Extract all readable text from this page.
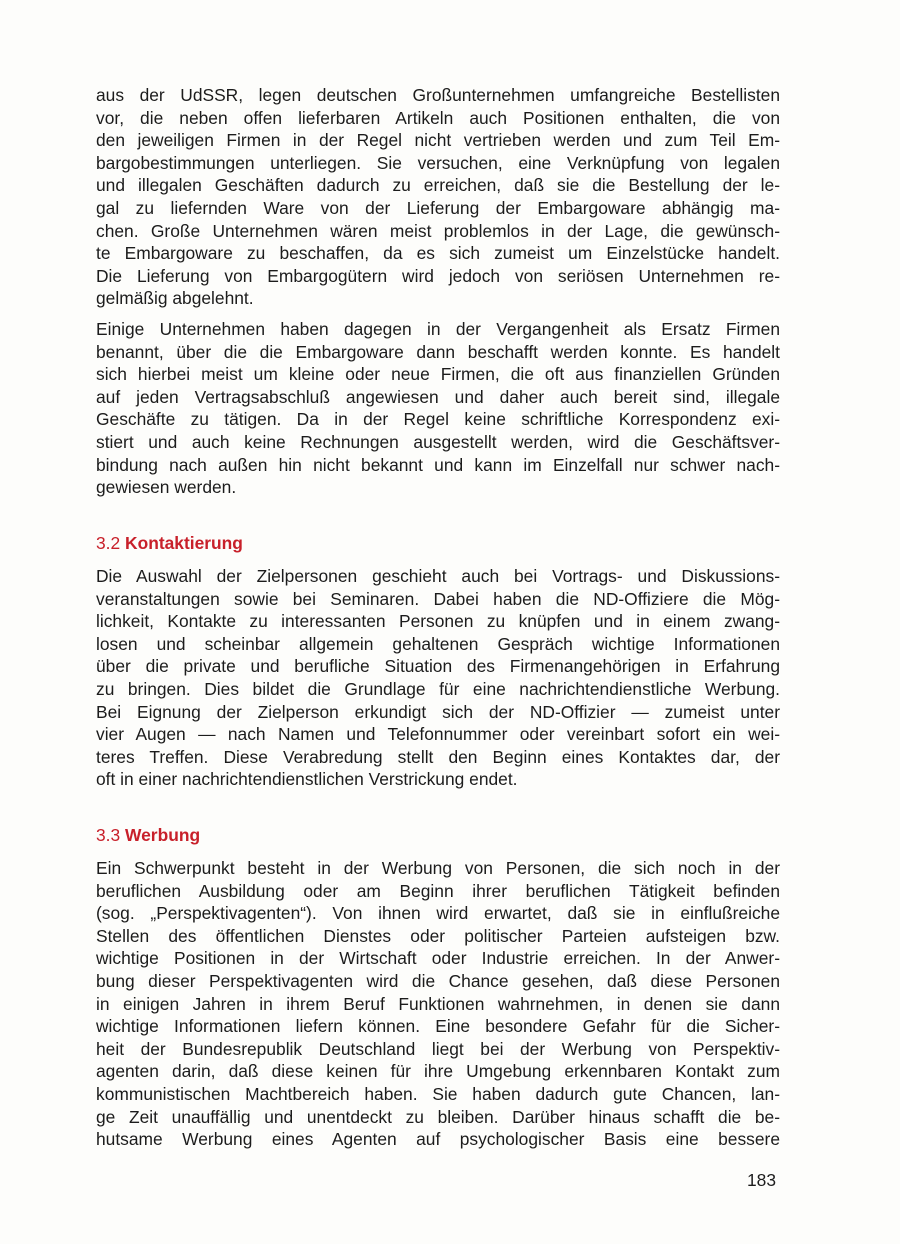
aus der UdSSR, legen deutschen Großunternehmen umfangreiche Bestellisten
vor, die neben offen lieferbaren Artikeln auch Positionen enthalten, die von
den jeweiligen Firmen in der Regel nicht vertrieben werden und zum Teil Em-
bargobestimmungen unterliegen. Sie versuchen, eine Verknüpfung von legalen
und illegalen Geschäften dadurch zu erreichen, daß sie die Bestellung der le-
gal zu liefernden Ware von der Lieferung der Embargoware abhängig ma-
chen. Große Unternehmen wären meist problemlos in der Lage, die gewünsch-
te Embargoware zu beschaffen, da es sich zumeist um Einzelstücke handelt.
Die Lieferung von Embargogütern wird jedoch von seriösen Unternehmen re-
gelmäßig abgelehnt.
Einige Unternehmen haben dagegen in der Vergangenheit als Ersatz Firmen
benannt, über die die Embargoware dann beschafft werden konnte. Es handelt
sich hierbei meist um kleine oder neue Firmen, die oft aus finanziellen Gründen
auf jeden Vertragsabschluß angewiesen und daher auch bereit sind, illegale
Geschäfte zu tätigen. Da in der Regel keine schriftliche Korrespondenz exi-
stiert und auch keine Rechnungen ausgestellt werden, wird die Geschäftsver-
bindung nach außen hin nicht bekannt und kann im Einzelfall nur schwer nach-
gewiesen werden.
3.2 Kontaktierung
Die Auswahl der Zielpersonen geschieht auch bei Vortrags- und Diskussions-
veranstaltungen sowie bei Seminaren. Dabei haben die ND-Offiziere die Mög-
lichkeit, Kontakte zu interessanten Personen zu knüpfen und in einem zwang-
losen und scheinbar allgemein gehaltenen Gespräch wichtige Informationen
über die private und berufliche Situation des Firmenangehörigen in Erfahrung
zu bringen. Dies bildet die Grundlage für eine nachrichtendienstliche Werbung.
Bei Eignung der Zielperson erkundigt sich der ND-Offizier — zumeist unter
vier Augen — nach Namen und Telefonnummer oder vereinbart sofort ein wei-
teres Treffen. Diese Verabredung stellt den Beginn eines Kontaktes dar, der
oft in einer nachrichtendienstlichen Verstrickung endet.
3.3 Werbung
Ein Schwerpunkt besteht in der Werbung von Personen, die sich noch in der
beruflichen Ausbildung oder am Beginn ihrer beruflichen Tätigkeit befinden
(sog. „Perspektivagenten“). Von ihnen wird erwartet, daß sie in einflußreiche
Stellen des öffentlichen Dienstes oder politischer Parteien aufsteigen bzw.
wichtige Positionen in der Wirtschaft oder Industrie erreichen. In der Anwer-
bung dieser Perspektivagenten wird die Chance gesehen, daß diese Personen
in einigen Jahren in ihrem Beruf Funktionen wahrnehmen, in denen sie dann
wichtige Informationen liefern können. Eine besondere Gefahr für die Sicher-
heit der Bundesrepublik Deutschland liegt bei der Werbung von Perspektiv-
agenten darin, daß diese keinen für ihre Umgebung erkennbaren Kontakt zum
kommunistischen Machtbereich haben. Sie haben dadurch gute Chancen, lan-
ge Zeit unauffällig und unentdeckt zu bleiben. Darüber hinaus schafft die be-
hutsame Werbung eines Agenten auf psychologischer Basis eine bessere
183
